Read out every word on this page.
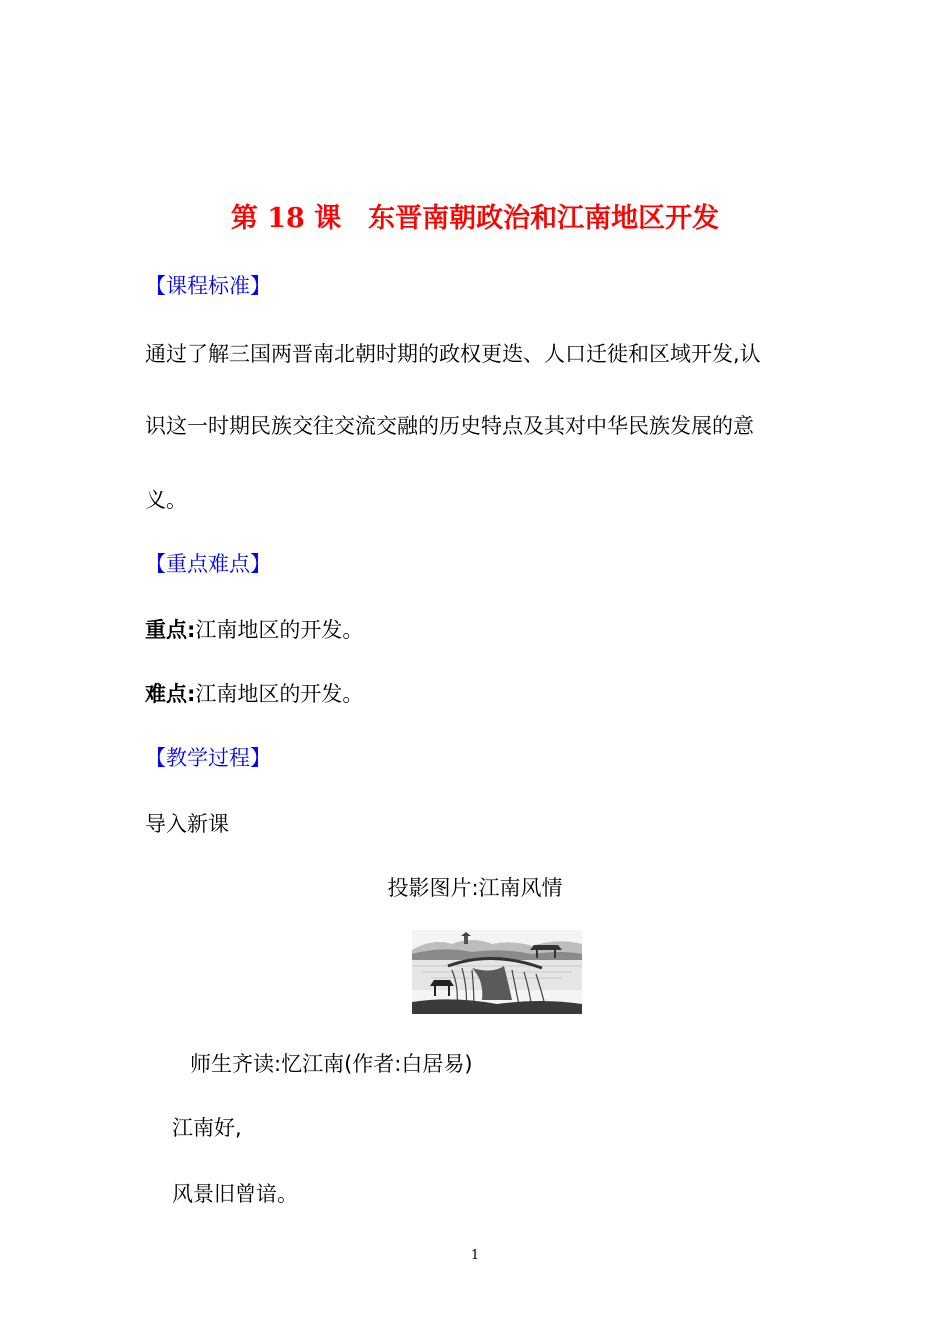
第 18 课　东晋南朝政治和江南地区开发
【课程标准】
通过了解三国两晋南北朝时期的政权更迭、人口迁徙和区域开发,认
识这一时期民族交往交流交融的历史特点及其对中华民族发展的意
义。
【重点难点】
重点:江南地区的开发。
难点:江南地区的开发。
【教学过程】
导入新课
投影图片:江南风情
师生齐读:忆江南(作者:白居易)
江南好,
风景旧曾谙。
1
